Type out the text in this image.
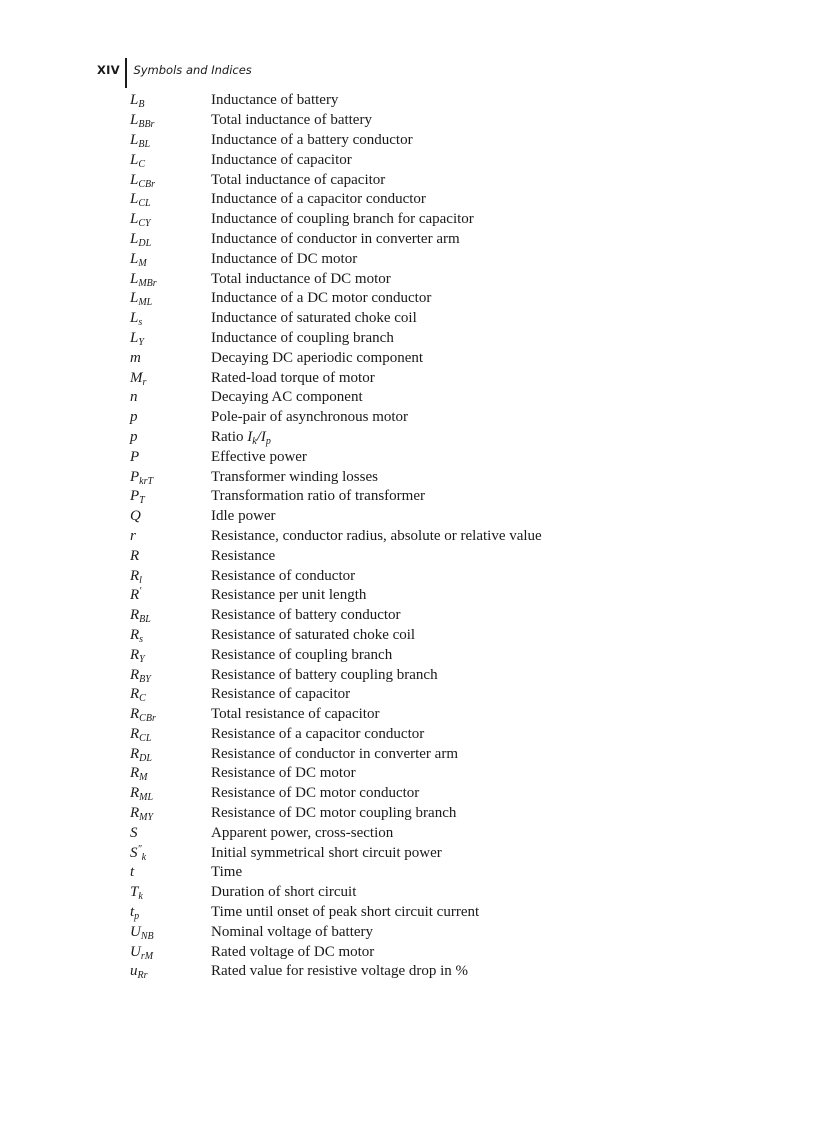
XIV Symbols and Indices
$L_B$	Inductance of battery
$L_{BBr}$	Total inductance of battery
$L_{BL}$	Inductance of a battery conductor
$L_C$	Inductance of capacitor
$L_{CBr}$	Total inductance of capacitor
$L_{CL}$	Inductance of a capacitor conductor
$L_{CY}$	Inductance of coupling branch for capacitor
$L_{DL}$	Inductance of conductor in converter arm
$L_M$	Inductance of DC motor
$L_{MBr}$	Total inductance of DC motor
$L_{ML}$	Inductance of a DC motor conductor
$L_s$	Inductance of saturated choke coil
$L_Y$	Inductance of coupling branch
m	Decaying DC aperiodic component
$M_r$	Rated-load torque of motor
n	Decaying AC component
p	Pole-pair of asynchronous motor
p	Ratio $I_k/I_p$
P	Effective power
$P_{krT}$	Transformer winding losses
$P_T$	Transformation ratio of transformer
Q	Idle power
r	Resistance, conductor radius, absolute or relative value
R	Resistance
$R_l$	Resistance of conductor
R′	Resistance per unit length
$R_{BL}$	Resistance of battery conductor
$R_s$	Resistance of saturated choke coil
$R_Y$	Resistance of coupling branch
$R_{BY}$	Resistance of battery coupling branch
$R_C$	Resistance of capacitor
$R_{CBr}$	Total resistance of capacitor
$R_{CL}$	Resistance of a capacitor conductor
$R_{DL}$	Resistance of conductor in converter arm
$R_M$	Resistance of DC motor
$R_{ML}$	Resistance of DC motor conductor
$R_{MY}$	Resistance of DC motor coupling branch
S	Apparent power, cross-section
$S''_k$	Initial symmetrical short circuit power
t	Time
$T_k$	Duration of short circuit
$t_p$	Time until onset of peak short circuit current
$U_{NB}$	Nominal voltage of battery
$U_{rM}$	Rated voltage of DC motor
$u_{Rr}$	Rated value for resistive voltage drop in %
